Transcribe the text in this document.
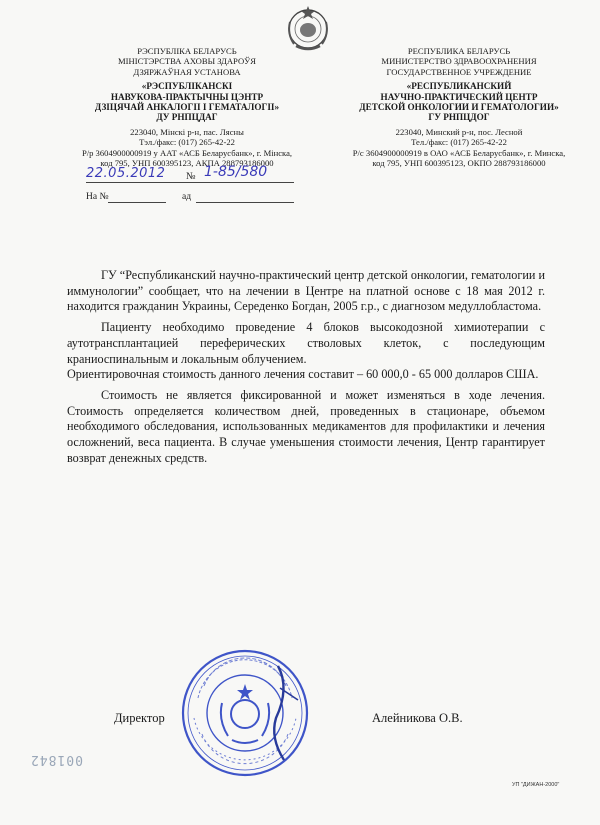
РЭСПУБЛІКА БЕЛАРУСЬ
МІНІСТЭРСТВА АХОВЫ ЗДАРОЎЯ
ДЗЯРЖАЎНАЯ УСТАНОВА
«РЭСПУБЛІКАНСКІ
НАВУКОВА-ПРАКТЫЧНЫ ЦЭНТР
ДЗІЦЯЧАЙ АНКАЛОГІІ І ГЕМАТАЛОГІІ»
ДУ РНПЦДАГ
223040, Мінскі р-н, пас. Лясны
Тэл./факс: (017) 265-42-22
Р/р 3604900000919 у ААТ «АСБ Беларусбанк», г. Мінска,
код 795, УНП 600395123, АКПА 288793186000
РЕСПУБЛИКА БЕЛАРУСЬ
МИНИСТЕРСТВО ЗДРАВООХРАНЕНИЯ
ГОСУДАРСТВЕННОЕ УЧРЕЖДЕНИЕ
«РЕСПУБЛИКАНСКИЙ
НАУЧНО-ПРАКТИЧЕСКИЙ ЦЕНТР
ДЕТСКОЙ ОНКОЛОГИИ И ГЕМАТОЛОГИИ»
ГУ РНПЦДОГ
223040, Минский р-н, пос. Лесной
Тел./факс: (017) 265-42-22
Р/с 3604900000919 в ОАО «АСБ Беларусбанк», г. Минска,
код 795, УНП 600395123, ОКПО 288793186000
22.05.2012 № 1-85/580
На №	ад

ГУ “Республиканский научно-практический центр детской онкологии, гематологии и иммунологии” сообщает, что на лечении в Центре на платной основе с 18 мая 2012 г. находится гражданин Украины, Середенко Богдан, 2005 г.р., с диагнозом медуллобластома.

Пациенту необходимо проведение 4 блоков высокодозной химиотерапии с аутотрансплантацией переферических стволовых клеток, с последующим краниоспинальным и локальным облучением.

Ориентировочная стоимость данного лечения составит – 60 000,0 - 65 000 долларов США.

Стоимость не является фиксированной и может изменяться в ходе лечения. Стоимость определяется количеством дней, проведенных в стационаре, объемом необходимого обследования, использованных медикаментов для профилактики и лечения осложнений, веса пациента. В случае уменьшения стоимости лечения, Центр гарантирует возврат денежных средств.

Директор	Алейникова О.В.
001842
УП "ДИЖАН-2000"
